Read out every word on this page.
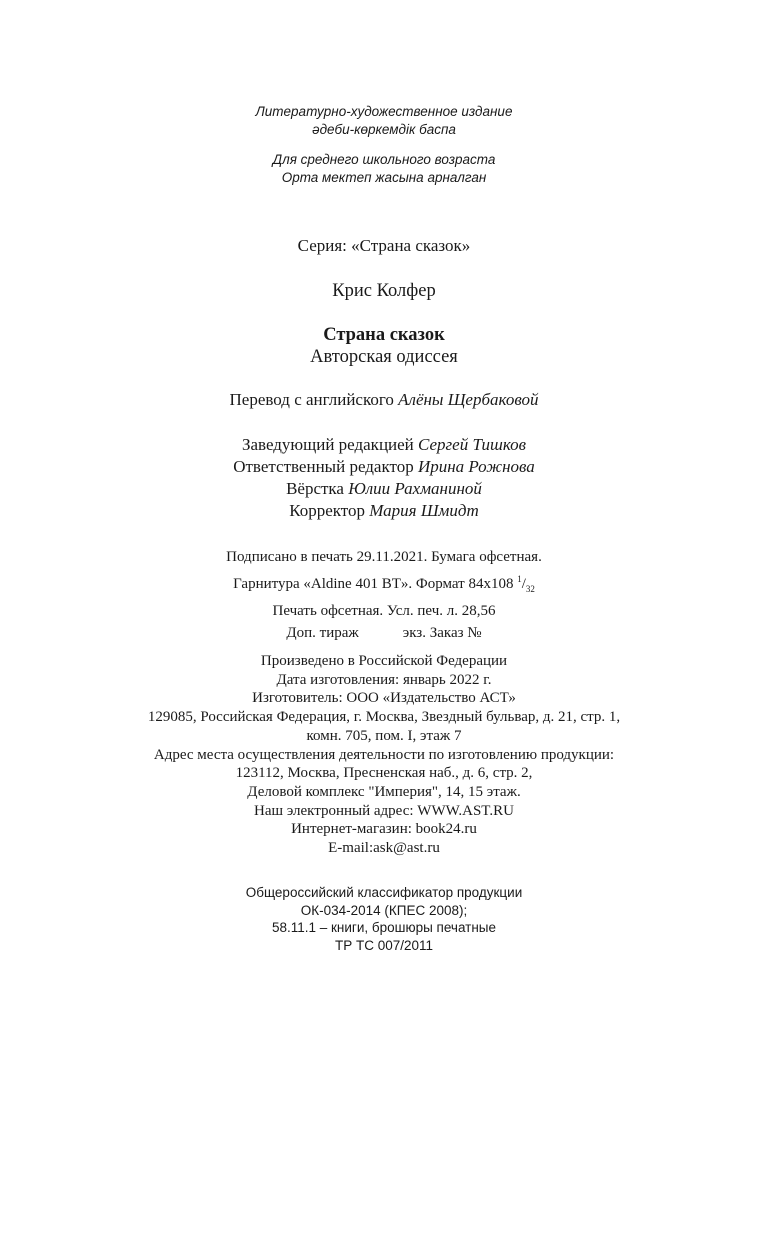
Литературно-художественное издание
әдеби-көркемдік баспа
Для среднего школьного возраста
Орта мектеп жасына арналган
Серия: «Страна сказок»
Крис Колфер
Страна сказок
Авторская одиссея
Перевод с английского Алёны Щербаковой
Заведующий редакцией Сергей Тишков
Ответственный редактор Ирина Рожнова
Вёрстка Юлии Рахманиной
Корректор Мария Шмидт
Подписано в печать 29.11.2021. Бумага офсетная.
Гарнитура «Aldine 401 BT». Формат 84x108 $^1/_{32}$
Печать офсетная. Усл. печ. л. 28,56
Доп. тираж	экз. Заказ №
Произведено в Российской Федерации
Дата изготовления: январь 2022 г.
Изготовитель: ООО «Издательство АСТ»
129085, Российская Федерация, г. Москва, Звездный бульвар, д. 21, стр. 1,
комн. 705, пом. I, этаж 7
Адрес места осуществления деятельности по изготовлению продукции:
123112, Москва, Пресненская наб., д. 6, стр. 2,
Деловой комплекс "Империя", 14, 15 этаж.
Наш электронный адрес: WWW.AST.RU
Интернет-магазин: book24.ru
E-mail:ask@ast.ru
Общероссийский классификатор продукции
ОК-034-2014 (КПЕС 2008);
58.11.1 – книги, брошюры печатные
ТР ТС 007/2011
